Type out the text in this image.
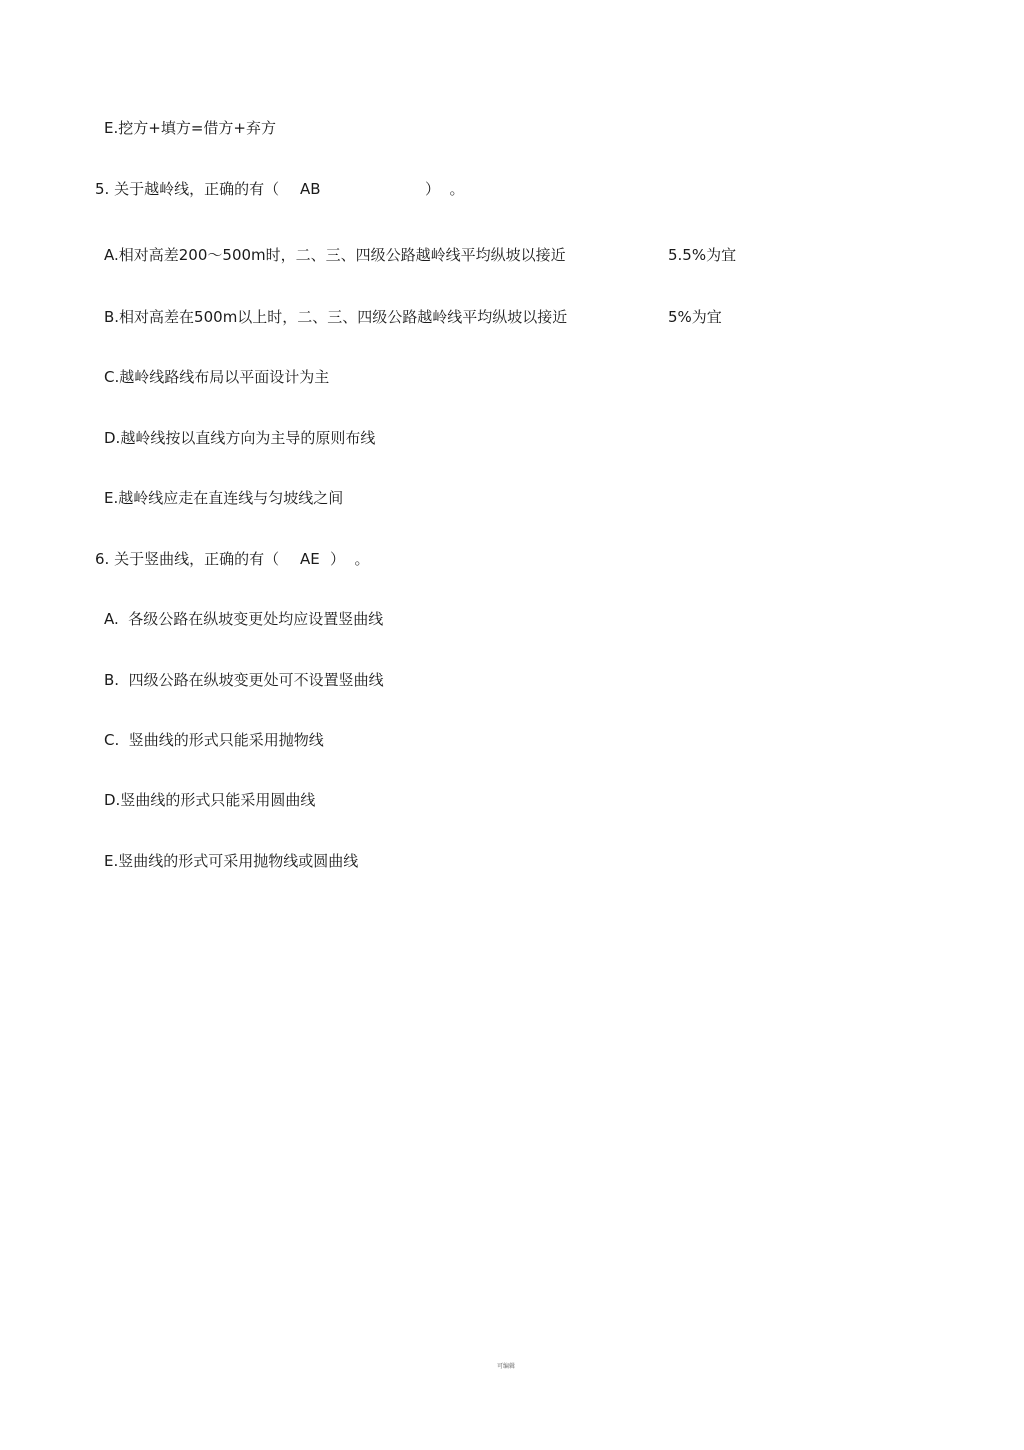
E.挖方+填方=借方+弃方
5. 关于越岭线，正确的有（ AB	）  。
A.相对高差200〜500m时，二、三、四级公路越岭线平均纵坡以接近	5.5%为宜
B.相对高差在500m以上时，二、三、四级公路越岭线平均纵坡以接近	5%为宜
C.越岭线路线布局以平面设计为主
D.越岭线按以直线方向为主导的原则布线
E.越岭线应走在直连线与匀坡线之间
6. 关于竖曲线，正确的有（ AE ）  。
A.  各级公路在纵坡变更处均应设置竖曲线
B.  四级公路在纵坡变更处可不设置竖曲线
C.  竖曲线的形式只能采用抛物线
D.竖曲线的形式只能采用圆曲线
E.竖曲线的形式可采用抛物线或圆曲线
可编辑
